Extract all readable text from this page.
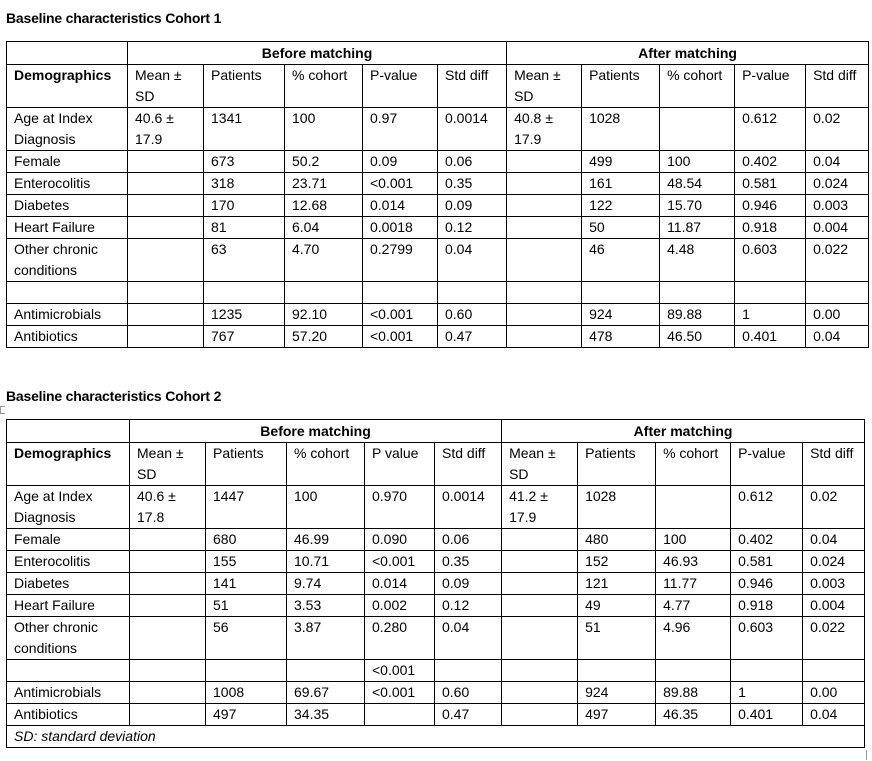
Baseline characteristics Cohort 1
	Before matching					After matching				
Demographics	Mean ± SD	Patients	% cohort	P-value	Std diff	Mean ± SD	Patients	% cohort	P-value	Std diff
Age at Index Diagnosis	40.6 ± 17.9	1341	100	0.97	0.0014	40.8 ± 17.9	1028		0.612	0.02
Female		673	50.2	0.09	0.06		499	100	0.402	0.04
Enterocolitis		318	23.71	<0.001	0.35		161	48.54	0.581	0.024
Diabetes		170	12.68	0.014	0.09		122	15.70	0.946	0.003
Heart Failure		81	6.04	0.0018	0.12		50	11.87	0.918	0.004
Other chronic conditions		63	4.70	0.2799	0.04		46	4.48	0.603	0.022

Antimicrobials		1235	92.10	<0.001	0.60		924	89.88	1	0.00
Antibiotics		767	57.20	<0.001	0.47		478	46.50	0.401	0.04
Baseline characteristics Cohort 2
	Before matching					After matching				
Demographics	Mean ± SD	Patients	% cohort	P value	Std diff	Mean ± SD	Patients	% cohort	P-value	Std diff
Age at Index Diagnosis	40.6 ± 17.8	1447	100	0.970	0.0014	41.2 ± 17.9	1028		0.612	0.02
Female		680	46.99	0.090	0.06		480	100	0.402	0.04
Enterocolitis		155	10.71	<0.001	0.35		152	46.93	0.581	0.024
Diabetes		141	9.74	0.014	0.09		121	11.77	0.946	0.003
Heart Failure		51	3.53	0.002	0.12		49	4.77	0.918	0.004
Other chronic conditions		56	3.87	0.280	0.04		51	4.96	0.603	0.022
				<0.001						
Antimicrobials		1008	69.67	<0.001	0.60		924	89.88	1	0.00
Antibiotics		497	34.35		0.47		497	46.35	0.401	0.04
SD: standard deviation										
